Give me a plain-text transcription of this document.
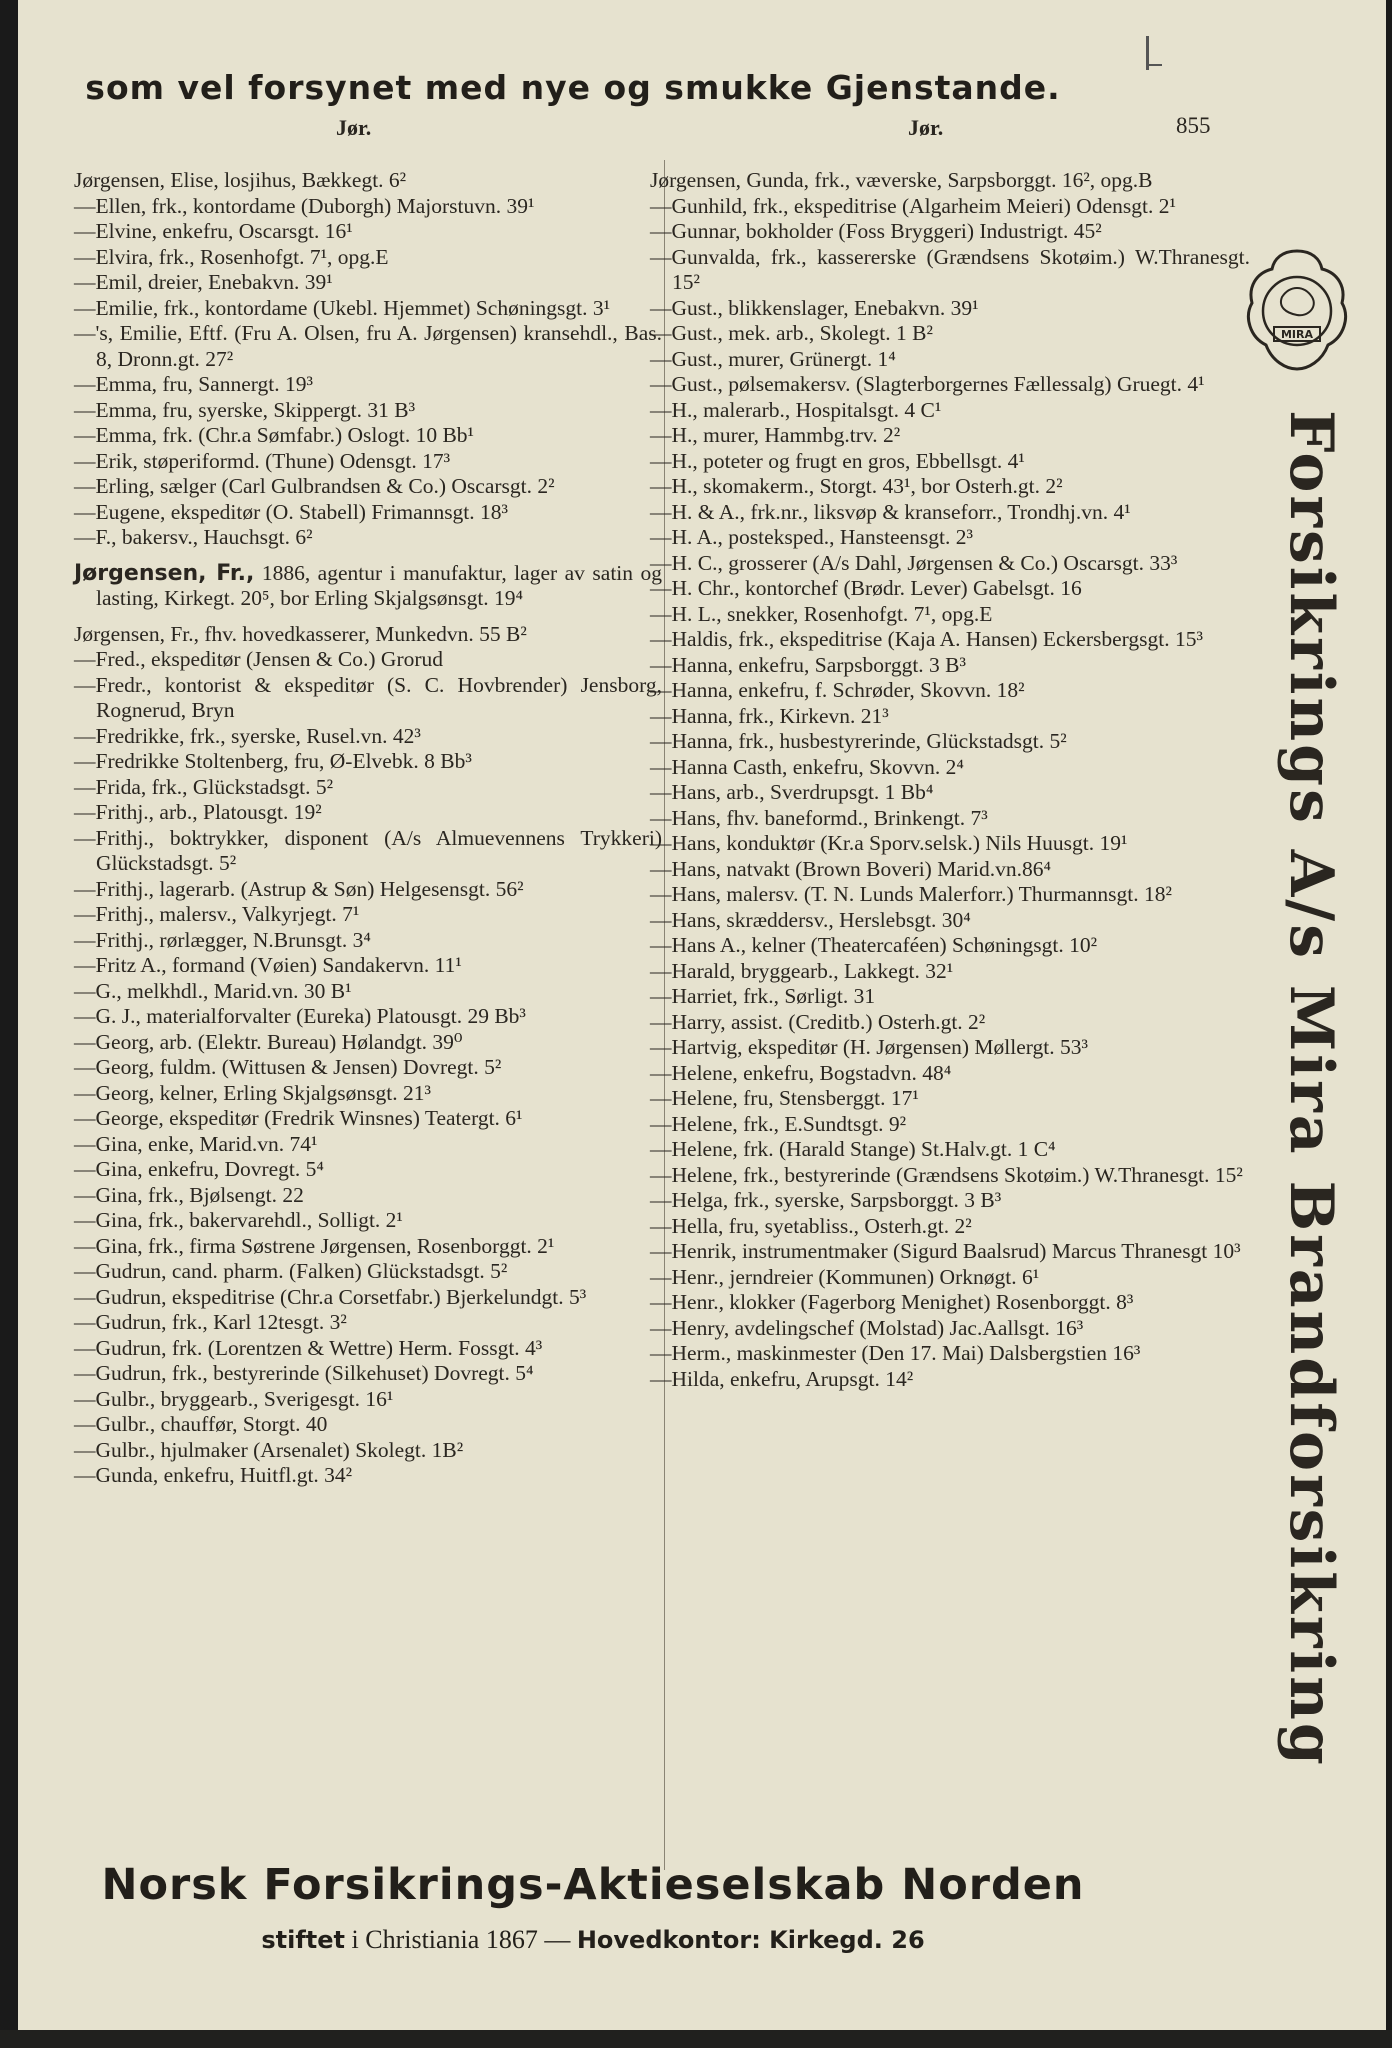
som vel forsynet med nye og smukke Gjenstande.
Jør.	Jør.	855
Jørgensen, Elise, losjihus, Bækkegt. 6²
—Ellen, frk., kontordame (Duborgh) Majorstuvn. 39¹
—Elvine, enkefru, Oscarsgt. 16¹
—Elvira, frk., Rosenhofgt. 7¹, opg.E
—Emil, dreier, Enebakvn. 39¹
—Emilie, frk., kontordame (Ukebl. Hjemmet) Schøningsgt. 3¹
—'s, Emilie, Eftf. (Fru A. Olsen, fru A. Jørgensen) kransehdl., Bas. 8, Dronn.gt. 27²
—Emma, fru, Sannergt. 19³
—Emma, fru, syerske, Skippergt. 31 B³
—Emma, frk. (Chr.a Sømfabr.) Oslogt. 10 Bb¹
—Erik, støperiformd. (Thune) Odensgt. 17³
—Erling, sælger (Carl Gulbrandsen & Co.) Oscarsgt. 2²
—Eugene, ekspeditør (O. Stabell) Frimannsgt. 18³
—F., bakersv., Hauchsgt. 6²
Jørgensen, Fr., 1886, agentur i manufaktur, lager av satin og lasting, Kirkegt. 20⁵, bor Erling Skjalgsønsgt. 19⁴
Jørgensen, Fr., fhv. hovedkasserer, Munkedvn. 55 B²
—Fred., ekspeditør (Jensen & Co.) Grorud
—Fredr., kontorist & ekspeditør (S. C. Hovbrender) Jensborg, Rognerud, Bryn
—Fredrikke, frk., syerske, Rusel.vn. 42³
—Fredrikke Stoltenberg, fru, Ø-Elvebk. 8 Bb³
—Frida, frk., Glückstadsgt. 5²
—Frithj., arb., Platousgt. 19²
—Frithj., boktrykker, disponent (A/s Almuevennens Trykkeri) Glückstadsgt. 5²
—Frithj., lagerarb. (Astrup & Søn) Helgesensgt. 56²
—Frithj., malersv., Valkyrjegt. 7¹
—Frithj., rørlægger, N.Brunsgt. 3⁴
—Fritz A., formand (Vøien) Sandakervn. 11¹
—G., melkhdl., Marid.vn. 30 B¹
—G. J., materialforvalter (Eureka) Platousgt. 29 Bb³
—Georg, arb. (Elektr. Bureau) Hølandgt. 39⁰
—Georg, fuldm. (Wittusen & Jensen) Dovregt. 5²
—Georg, kelner, Erling Skjalgsønsgt. 21³
—George, ekspeditør (Fredrik Winsnes) Teatergt. 6¹
—Gina, enke, Marid.vn. 74¹
—Gina, enkefru, Dovregt. 5⁴
—Gina, frk., Bjølsengt. 22
—Gina, frk., bakervarehdl., Solligt. 2¹
—Gina, frk., firma Søstrene Jørgensen, Rosenborggt. 2¹
—Gudrun, cand. pharm. (Falken) Glückstadsgt. 5²
—Gudrun, ekspeditrise (Chr.a Corsetfabr.) Bjerkelundgt. 5³
—Gudrun, frk., Karl 12tesgt. 3²
—Gudrun, frk. (Lorentzen & Wettre) Herm. Fossgt. 4³
—Gudrun, frk., bestyrerinde (Silkehuset) Dovregt. 5⁴
—Gulbr., bryggearb., Sverigesgt. 16¹
—Gulbr., chauffør, Storgt. 40
—Gulbr., hjulmaker (Arsenalet) Skolegt. 1B²
—Gunda, enkefru, Huitfl.gt. 34²
Jørgensen, Gunda, frk., væverske, Sarpsborggt. 16², opg.B
—Gunhild, frk., ekspeditrise (Algarheim Meieri) Odensgt. 2¹
—Gunnar, bokholder (Foss Bryggeri) Industrigt. 45²
—Gunvalda, frk., kassererske (Grændsens Skotøim.) W.Thranesgt. 15²
—Gust., blikkenslager, Enebakvn. 39¹
—Gust., mek. arb., Skolegt. 1 B²
—Gust., murer, Grünergt. 1⁴
—Gust., pølsemakersv. (Slagterborgernes Fællessalg) Gruegt. 4¹
—H., malerarb., Hospitalsgt. 4 C¹
—H., murer, Hammbg.trv. 2²
—H., poteter og frugt en gros, Ebbellsgt. 4¹
—H., skomakerm., Storgt. 43¹, bor Osterh.gt. 2²
—H. & A., frk.nr., liksvøp & kranseforr., Trondhj.vn. 4¹
—H. A., posteksped., Hansteensgt. 2³
—H. C., grosserer (A/s Dahl, Jørgensen & Co.) Oscarsgt. 33³
—H. Chr., kontorchef (Brødr. Lever) Gabelsgt. 16
—H. L., snekker, Rosenhofgt. 7¹, opg.E
—Haldis, frk., ekspeditrise (Kaja A. Hansen) Eckersbergsgt. 15³
—Hanna, enkefru, Sarpsborggt. 3 B³
—Hanna, enkefru, f. Schrøder, Skovvn. 18²
—Hanna, frk., Kirkevn. 21³
—Hanna, frk., husbestyrerinde, Glückstadsgt. 5²
—Hanna Casth, enkefru, Skovvn. 2⁴
—Hans, arb., Sverdrupsgt. 1 Bb⁴
—Hans, fhv. baneformd., Brinkengt. 7³
—Hans, konduktør (Kr.a Sporv.selsk.) Nils Huusgt. 19¹
—Hans, natvakt (Brown Boveri) Marid.vn.86⁴
—Hans, malersv. (T. N. Lunds Malerforr.) Thurmannsgt. 18²
—Hans, skræddersv., Herslebsgt. 30⁴
—Hans A., kelner (Theatercaféen) Schøningsgt. 10²
—Harald, bryggearb., Lakkegt. 32¹
—Harriet, frk., Sørligt. 31
—Harry, assist. (Creditb.) Osterh.gt. 2²
—Hartvig, ekspeditør (H. Jørgensen) Møllergt. 53³
—Helene, enkefru, Bogstadvn. 48⁴
—Helene, fru, Stensberggt. 17¹
—Helene, frk., E.Sundtsgt. 9²
—Helene, frk. (Harald Stange) St.Halv.gt. 1 C⁴
—Helene, frk., bestyrerinde (Grændsens Skotøim.) W.Thranesgt. 15²
—Helga, frk., syerske, Sarpsborggt. 3 B³
—Hella, fru, syetabliss., Osterh.gt. 2²
—Henrik, instrumentmaker (Sigurd Baalsrud) Marcus Thranesgt 10³
—Henr., jerndreier (Kommunen) Orknøgt. 6¹
—Henr., klokker (Fagerborg Menighet) Rosenborggt. 8³
—Henry, avdelingschef (Molstad) Jac.Aallsgt. 16³
—Herm., maskinmester (Den 17. Mai) Dalsbergstien 16³
—Hilda, enkefru, Arupsgt. 14²
MIRA
Forsikrings A/s Mira Brandforsikring
Norsk Forsikrings-Aktieselskab Norden
stiftet i Christiania 1867 — Hovedkontor: Kirkegd. 26
